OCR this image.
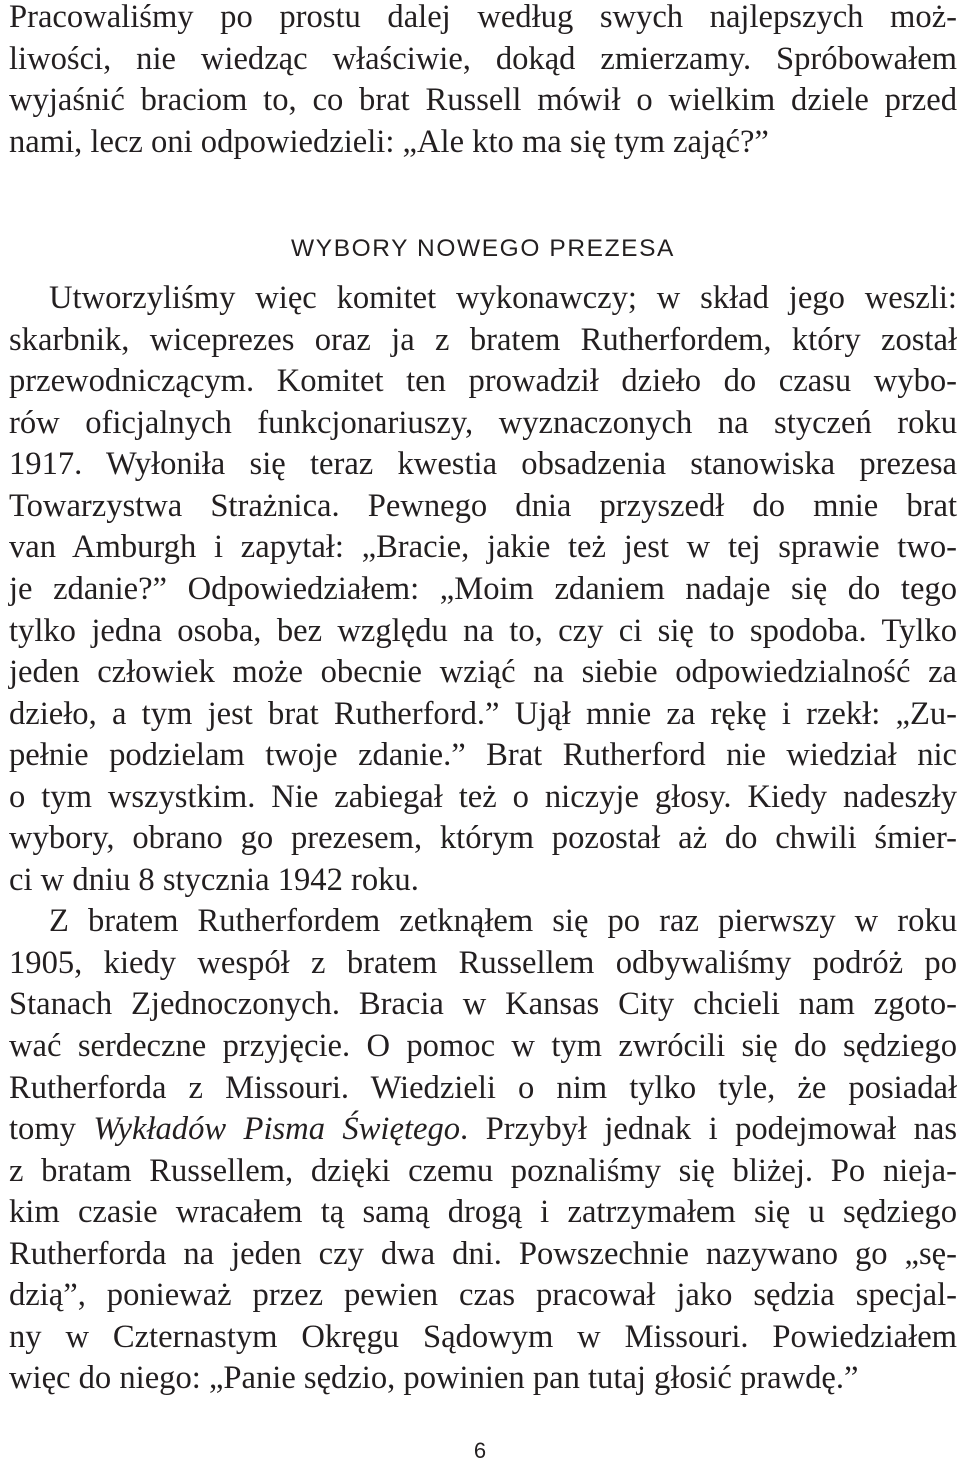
Pracowaliśmy po prostu dalej według swych najlepszych moż-
liwości, nie wiedząc właściwie, dokąd zmierzamy. Spróbowałem
wyjaśnić braciom to, co brat Russell mówił o wielkim dziele przed
nami, lecz oni odpowiedzieli: „Ale kto ma się tym zająć?”
WYBORY NOWEGO PREZESA
Utworzyliśmy więc komitet wykonawczy; w skład jego weszli:
skarbnik, wiceprezes oraz ja z bratem Rutherfordem, który został
przewodniczącym. Komitet ten prowadził dzieło do czasu wybo-
rów oficjalnych funkcjonariuszy, wyznaczonych na styczeń roku
1917. Wyłoniła się teraz kwestia obsadzenia stanowiska prezesa
Towarzystwa Strażnica. Pewnego dnia przyszedł do mnie brat
van Amburgh i zapytał: „Bracie, jakie też jest w tej sprawie two-
je zdanie?” Odpowiedziałem: „Moim zdaniem nadaje się do tego
tylko jedna osoba, bez względu na to, czy ci się to spodoba. Tylko
jeden człowiek może obecnie wziąć na siebie odpowiedzialność za
dzieło, a tym jest brat Rutherford.” Ujął mnie za rękę i rzekł: „Zu-
pełnie podzielam twoje zdanie.” Brat Rutherford nie wiedział nic
o tym wszystkim. Nie zabiegał też o niczyje głosy. Kiedy nadeszły
wybory, obrano go prezesem, którym pozostał aż do chwili śmier-
ci w dniu 8 stycznia 1942 roku.
Z bratem Rutherfordem zetknąłem się po raz pierwszy w roku
1905, kiedy wespół z bratem Russellem odbywaliśmy podróż po
Stanach Zjednoczonych. Bracia w Kansas City chcieli nam zgoto-
wać serdeczne przyjęcie. O pomoc w tym zwrócili się do sędziego
Rutherforda z Missouri. Wiedzieli o nim tylko tyle, że posiadał
tomy Wykładów Pisma Świętego. Przybył jednak i podejmował nas
z bratam Russellem, dzięki czemu poznaliśmy się bliżej. Po nieja-
kim czasie wracałem tą samą drogą i zatrzymałem się u sędziego
Rutherforda na jeden czy dwa dni. Powszechnie nazywano go „sę-
dzią”, ponieważ przez pewien czas pracował jako sędzia specjal-
ny w Czternastym Okręgu Sądowym w Missouri. Powiedziałem
więc do niego: „Panie sędzio, powinien pan tutaj głosić prawdę.”
6
